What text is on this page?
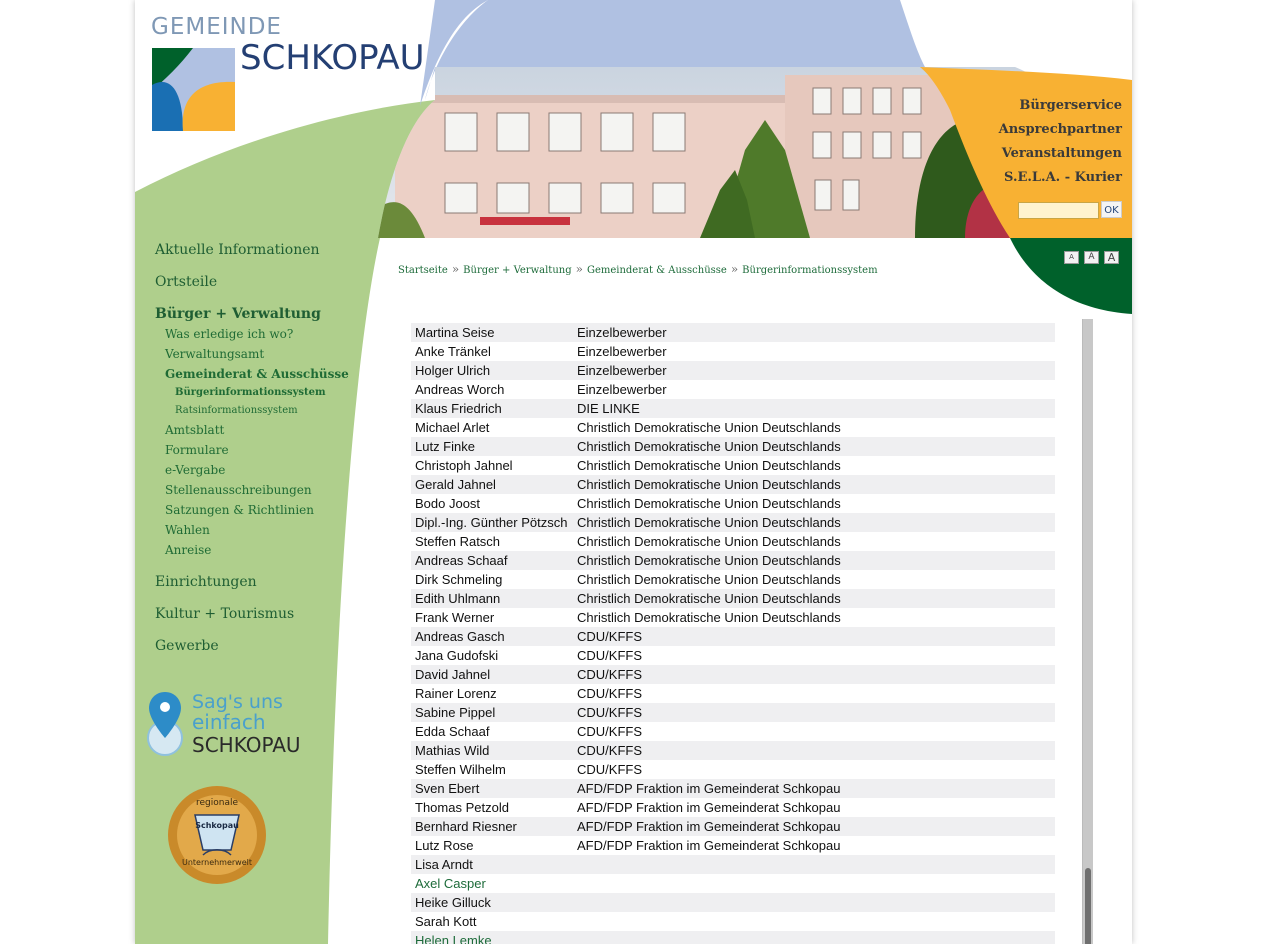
GEMEINDE
SCHKOPAU
Bürgerservice
Ansprechpartner
Veranstaltungen
S.E.L.A. - Kurier
OK
A	A	A
Startseite » Bürger + Verwaltung » Gemeinderat & Ausschüsse » Bürgerinformationssystem
Aktuelle Informationen
Ortsteile
Bürger + Verwaltung
Was erledige ich wo?
Verwaltungsamt
Gemeinderat & Ausschüsse
Bürgerinformationssystem
Ratsinformationssystem
Amtsblatt
Formulare
e-Vergabe
Stellenausschreibungen
Satzungen & Richtlinien
Wahlen
Anreise
Einrichtungen
Kultur + Tourismus
Gewerbe
Sag's uns
einfach
SCHKOPAU
regionale
Schkopau
Unternehmerwelt
Martina Seise	Einzelbewerber
Anke Tränkel	Einzelbewerber
Holger Ulrich	Einzelbewerber
Andreas Worch	Einzelbewerber
Klaus Friedrich	DIE LINKE
Michael Arlet	Christlich Demokratische Union Deutschlands
Lutz Finke	Christlich Demokratische Union Deutschlands
Christoph Jahnel	Christlich Demokratische Union Deutschlands
Gerald Jahnel	Christlich Demokratische Union Deutschlands
Bodo Joost	Christlich Demokratische Union Deutschlands
Dipl.-Ing. Günther Pötzsch	Christlich Demokratische Union Deutschlands
Steffen Ratsch	Christlich Demokratische Union Deutschlands
Andreas Schaaf	Christlich Demokratische Union Deutschlands
Dirk Schmeling	Christlich Demokratische Union Deutschlands
Edith Uhlmann	Christlich Demokratische Union Deutschlands
Frank Werner	Christlich Demokratische Union Deutschlands
Andreas Gasch	CDU/KFFS
Jana Gudofski	CDU/KFFS
David Jahnel	CDU/KFFS
Rainer Lorenz	CDU/KFFS
Sabine Pippel	CDU/KFFS
Edda Schaaf	CDU/KFFS
Mathias Wild	CDU/KFFS
Steffen Wilhelm	CDU/KFFS
Sven Ebert	AFD/FDP Fraktion im Gemeinderat Schkopau
Thomas Petzold	AFD/FDP Fraktion im Gemeinderat Schkopau
Bernhard Riesner	AFD/FDP Fraktion im Gemeinderat Schkopau
Lutz Rose	AFD/FDP Fraktion im Gemeinderat Schkopau
Lisa Arndt	
Axel Casper	
Heike Gilluck	
Sarah Kott	
Helen Lemke	
